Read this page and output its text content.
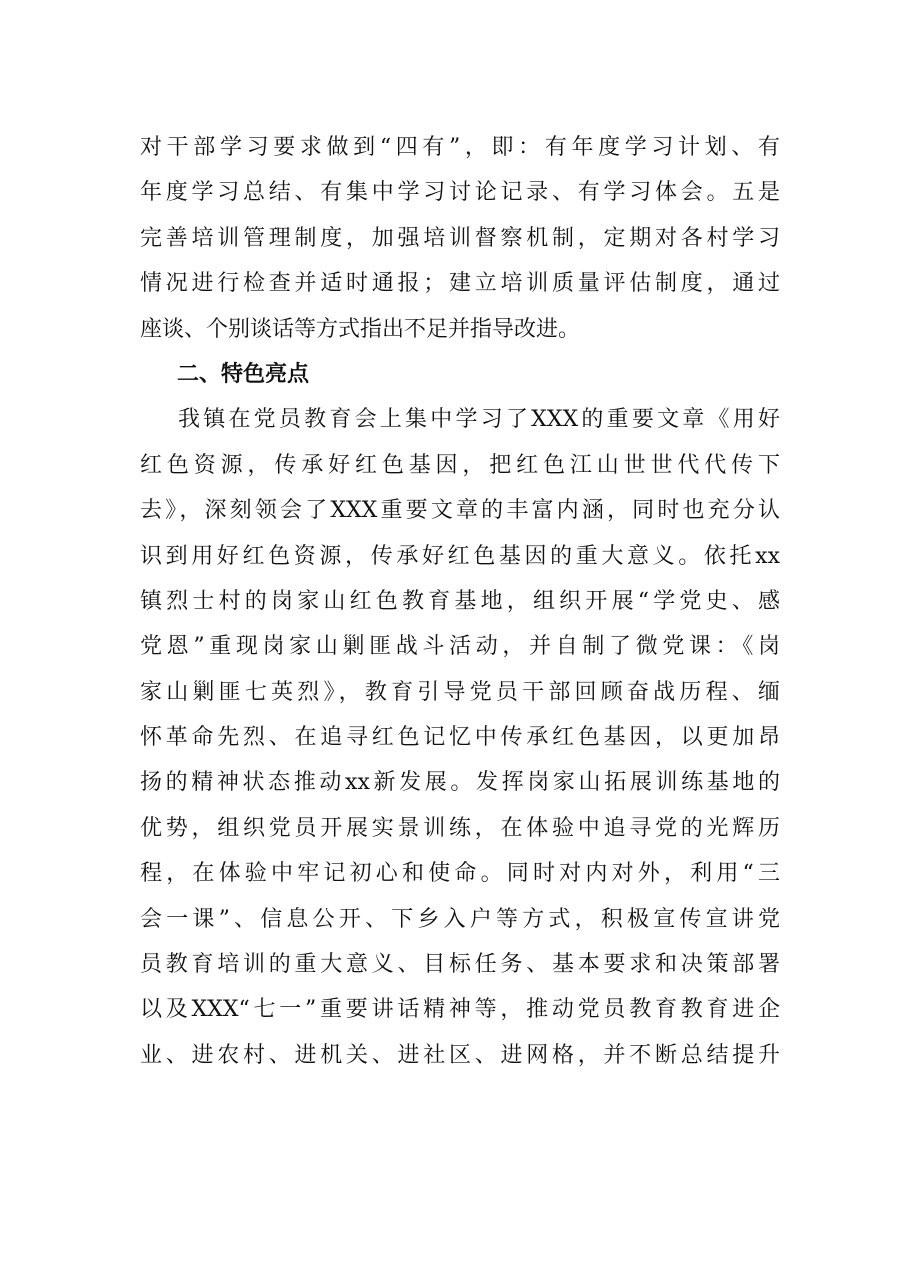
对干部学习要求做到“四有”，即：有年度学习计划、有
年度学习总结、有集中学习讨论记录、有学习体会。五是
完善培训管理制度，加强培训督察机制，定期对各村学习
情况进行检查并适时通报；建立培训质量评估制度，通过
座谈、个别谈话等方式指出不足并指导改进。
二、特色亮点
我镇在党员教育会上集中学习了XXX的重要文章《用好
红色资源，传承好红色基因，把红色江山世世代代传下
去》，深刻领会了XXX重要文章的丰富内涵，同时也充分认
识到用好红色资源，传承好红色基因的重大意义。依托xx
镇烈士村的岗家山红色教育基地，组织开展“学党史、感
党恩”重现岗家山剿匪战斗活动，并自制了微党课：《岗
家山剿匪七英烈》，教育引导党员干部回顾奋战历程、缅
怀革命先烈、在追寻红色记忆中传承红色基因，以更加昂
扬的精神状态推动xx新发展。发挥岗家山拓展训练基地的
优势，组织党员开展实景训练，在体验中追寻党的光辉历
程，在体验中牢记初心和使命。同时对内对外，利用“三
会一课”、信息公开、下乡入户等方式，积极宣传宣讲党
员教育培训的重大意义、目标任务、基本要求和决策部署
以及XXX“七一”重要讲话精神等，推动党员教育教育进企
业、进农村、进机关、进社区、进网格，并不断总结提升
